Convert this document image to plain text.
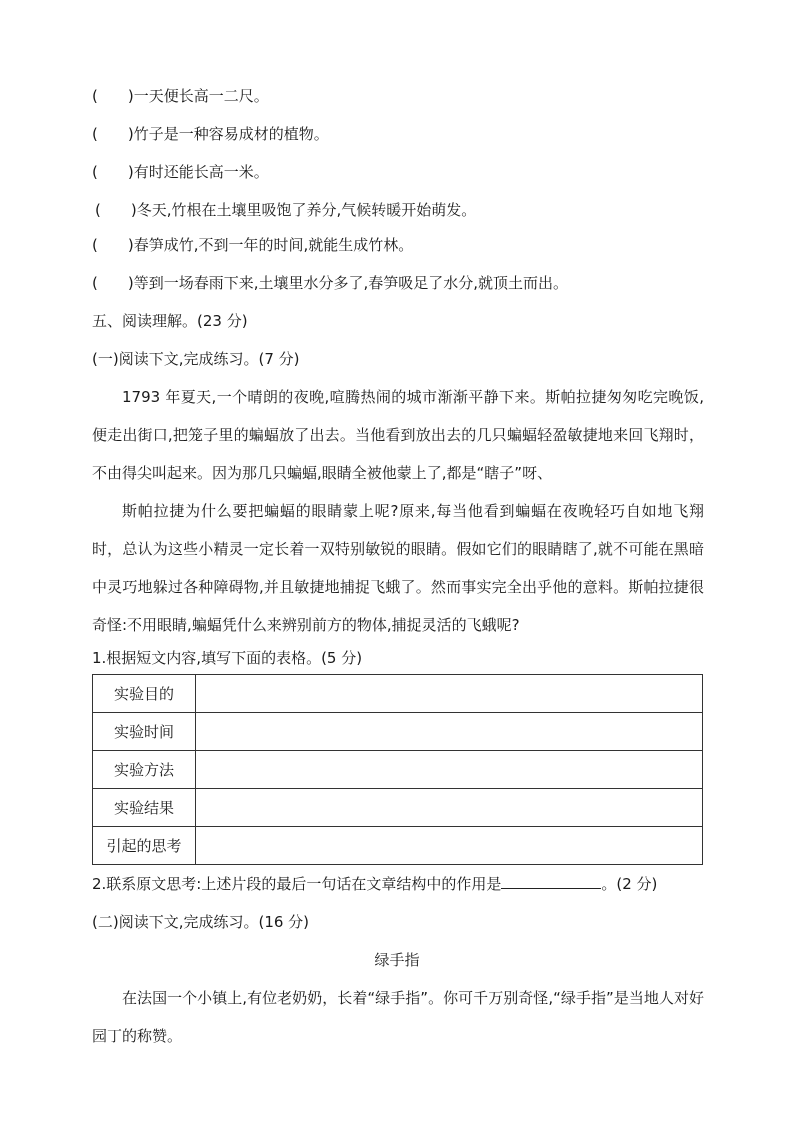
(　　)一天便长高一二尺。
(　　)竹子是一种容易成材的植物。
(　　)有时还能长高一米。
(　　)冬天,竹根在土壤里吸饱了养分,气候转暖开始萌发。
(　　)春笋成竹,不到一年的时间,就能生成竹林。
(　　)等到一场春雨下来,土壤里水分多了,春笋吸足了水分,就顶土而出。
五、阅读理解。(23 分)
(一)阅读下文,完成练习。(7 分)
1793 年夏天,一个晴朗的夜晚,喧腾热闹的城市渐渐平静下来。斯帕拉捷匆匆吃完晚饭,便走出街口,把笼子里的蝙蝠放了出去。当他看到放出去的几只蝙蝠轻盈敏捷地来回飞翔时，不由得尖叫起来。因为那几只蝙蝠,眼睛全被他蒙上了,都是“瞎子”呀、
斯帕拉捷为什么要把蝙蝠的眼睛蒙上呢?原来,每当他看到蝙蝠在夜晚轻巧自如地飞翔时，总认为这些小精灵一定长着一双特别敏锐的眼睛。假如它们的眼睛瞎了,就不可能在黑暗中灵巧地躲过各种障碍物,并且敏捷地捕捉飞蛾了。然而事实完全出乎他的意料。斯帕拉捷很奇怪:不用眼睛,蝙蝠凭什么来辨别前方的物体,捕捉灵活的飞蛾呢?
1.根据短文内容,填写下面的表格。(5 分)
实验目的	
实验时间	
实验方法	
实验结果	
引起的思考	
2.联系原文思考:上述片段的最后一句话在文章结构中的作用是	。(2 分)
(二)阅读下文,完成练习。(16 分)
绿手指
在法国一个小镇上,有位老奶奶，长着“绿手指”。你可千万别奇怪,“绿手指”是当地人对好园丁的称赞。
